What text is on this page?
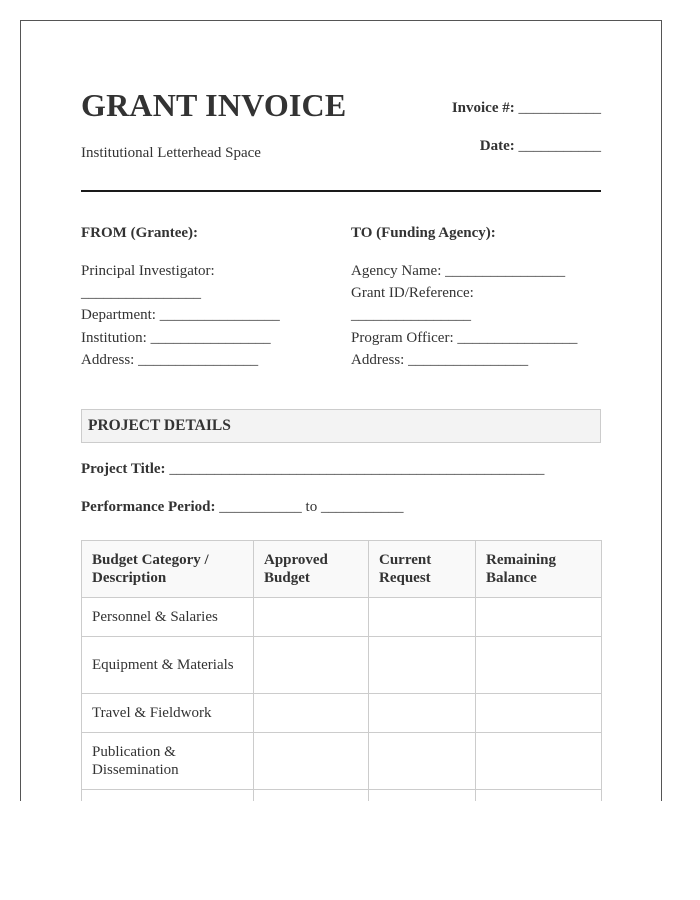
GRANT INVOICE
Institutional Letterhead Space
Invoice #: ___________
Date: ___________
FROM (Grantee):
Principal Investigator:
________________
Department: ________________
Institution: ________________
Address: ________________
TO (Funding Agency):
Agency Name: ________________
Grant ID/Reference:
________________
Program Officer: ________________
Address: ________________
PROJECT DETAILS
Project Title: __________________________________________________
Performance Period: ___________ to ___________
Budget Category / Description	Approved Budget	Current Request	Remaining Balance
Personnel & Salaries			
Equipment & Materials			
Travel & Fieldwork			
Publication & Dissemination			
